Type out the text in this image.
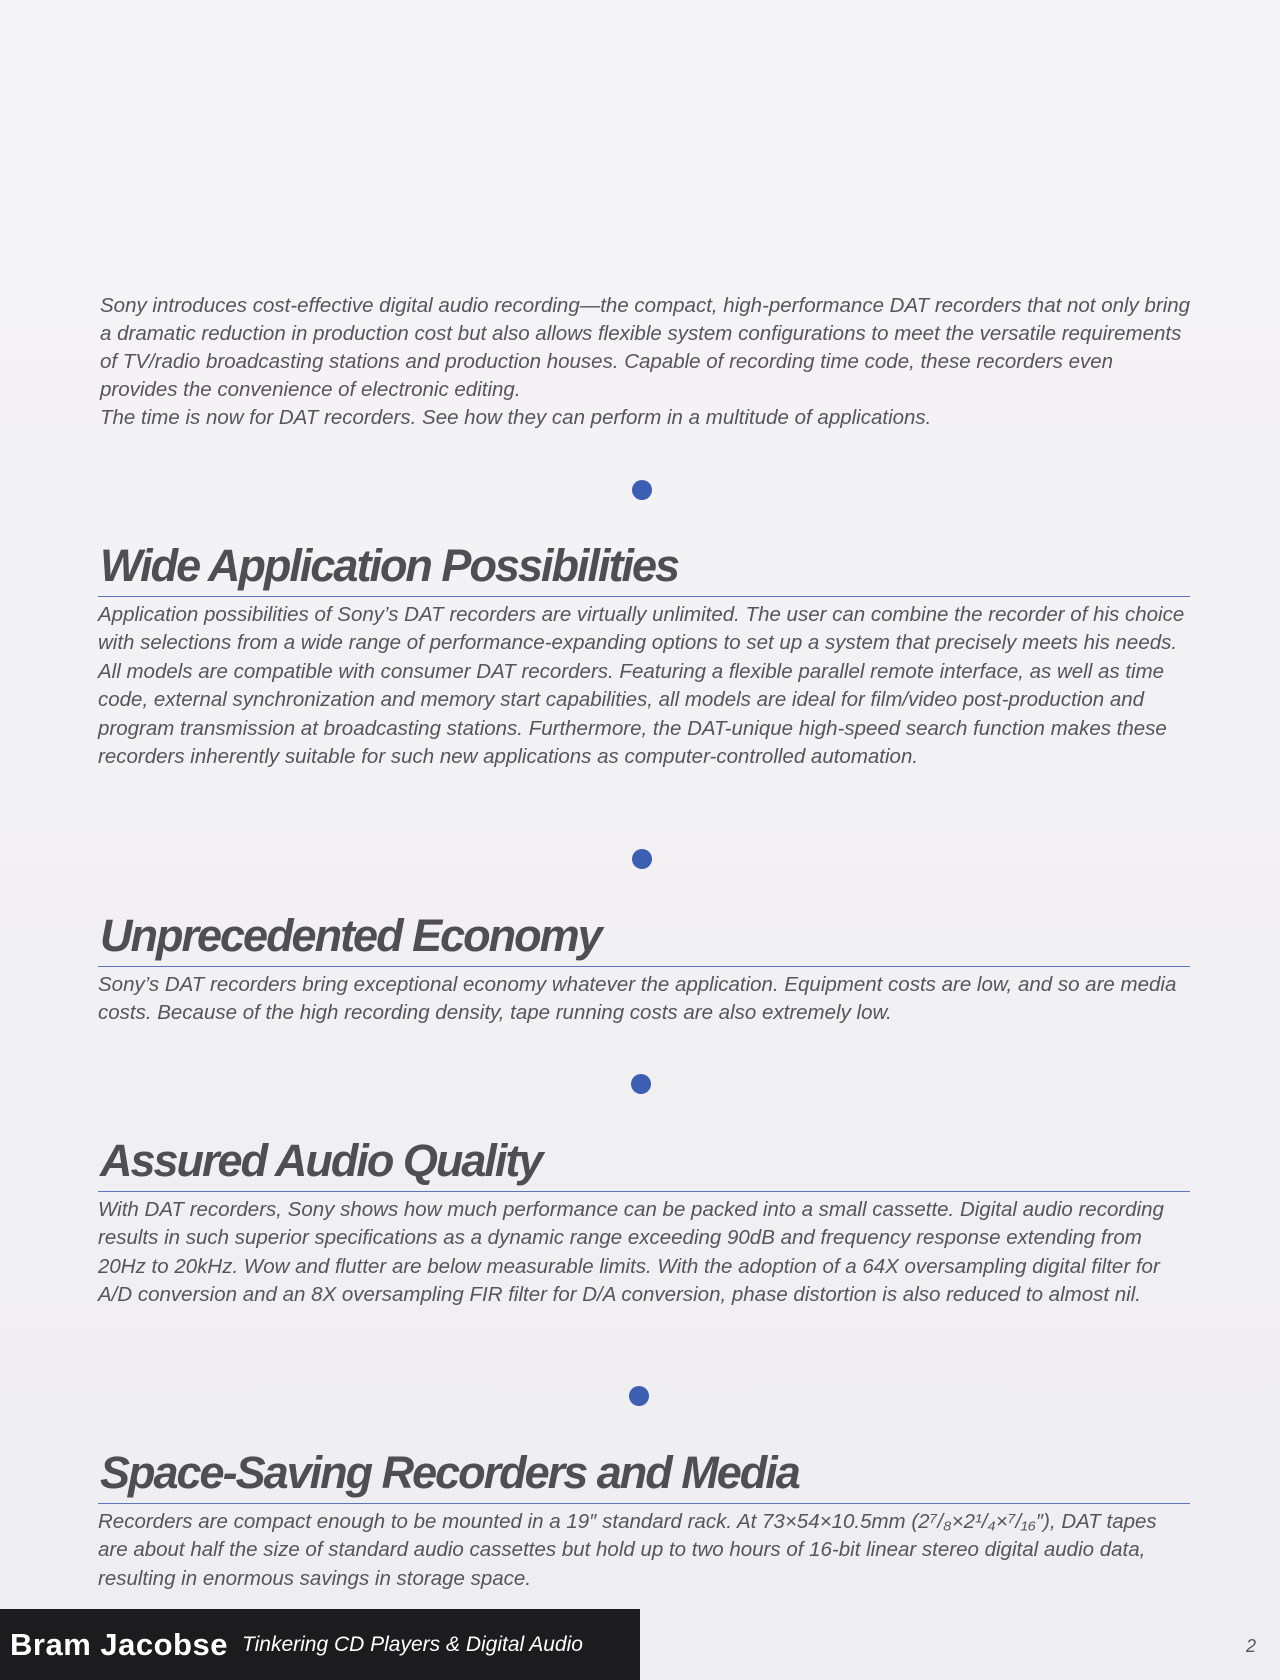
Sony introduces cost-effective digital audio recording—the compact, high-performance DAT recorders that not only bring a dramatic reduction in production cost but also allows flexible system configurations to meet the versatile requirements of TV/radio broadcasting stations and production houses. Capable of recording time code, these recorders even provides the convenience of electronic editing.

The time is now for DAT recorders. See how they can perform in a multitude of applications.

Wide Application Possibilities

Application possibilities of Sony’s DAT recorders are virtually unlimited. The user can combine the recorder of his choice with selections from a wide range of performance-expanding options to set up a system that precisely meets his needs. All models are compatible with consumer DAT recorders. Featuring a flexible parallel remote interface, as well as time code, external synchronization and memory start capabilities, all models are ideal for film/video post-production and program transmission at broadcasting stations. Furthermore, the DAT-unique high-speed search function makes these recorders inherently suitable for such new applications as computer-controlled automation.

Unprecedented Economy

Sony’s DAT recorders bring exceptional economy whatever the application. Equipment costs are low, and so are media costs. Because of the high recording density, tape running costs are also extremely low.

Assured Audio Quality

With DAT recorders, Sony shows how much performance can be packed into a small cassette. Digital audio recording results in such superior specifications as a dynamic range exceeding 90dB and frequency response extending from 20Hz to 20kHz. Wow and flutter are below measurable limits. With the adoption of a 64X oversampling digital filter for A/D conversion and an 8X oversampling FIR filter for D/A conversion, phase distortion is also reduced to almost nil.

Space-Saving Recorders and Media

Recorders are compact enough to be mounted in a 19″ standard rack. At 73×54×10.5mm (2⁷/₈×2¹/₄×⁷/₁₆″), DAT tapes are about half the size of standard audio cassettes but hold up to two hours of 16-bit linear stereo digital audio data, resulting in enormous savings in storage space.

Bram Jacobse Tinkering CD Players & Digital Audio	2
